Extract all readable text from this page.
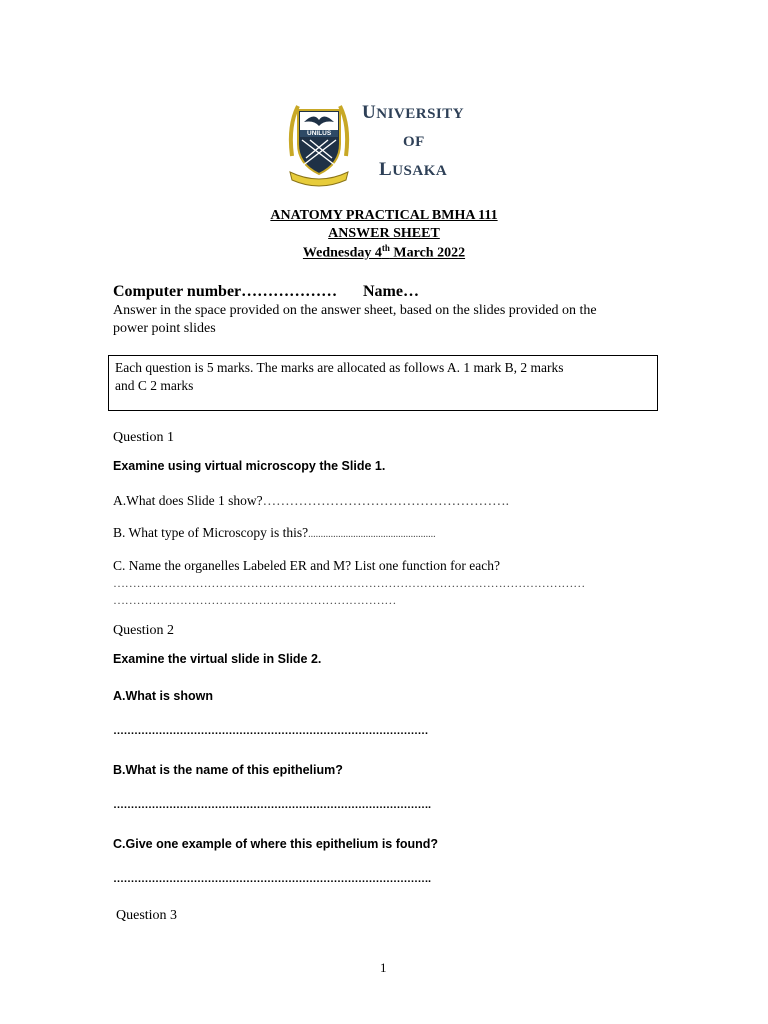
UNILUS
UNIVERSITY
OF
LUSAKA
ANATOMY PRACTICAL BMHA 111
ANSWER SHEET
Wednesday 4th March 2022
Computer number……………… Name…
Answer in the space provided on the answer sheet, based on the slides provided on the
power point slides
Each question is 5 marks. The marks are allocated as follows A. 1 mark B, 2 marks
and C 2 marks
Question 1
Examine using virtual microscopy the Slide 1.
A.What does Slide 1 show?……………………………………………….
B. What type of Microscopy is this?...................................................
C. Name the organelles Labeled ER and M? List one function for each?
…………………………………………………………………………………………………………
………………………………………………………………
Question 2
Examine the virtual slide in Slide 2.
A.What is shown
………………………………………………………………………………
B.What is the name of this epithelium?
……………………………………………………………………………….
C.Give one example of where this epithelium is found?
……………………………………………………………………………….
Question 3
1
